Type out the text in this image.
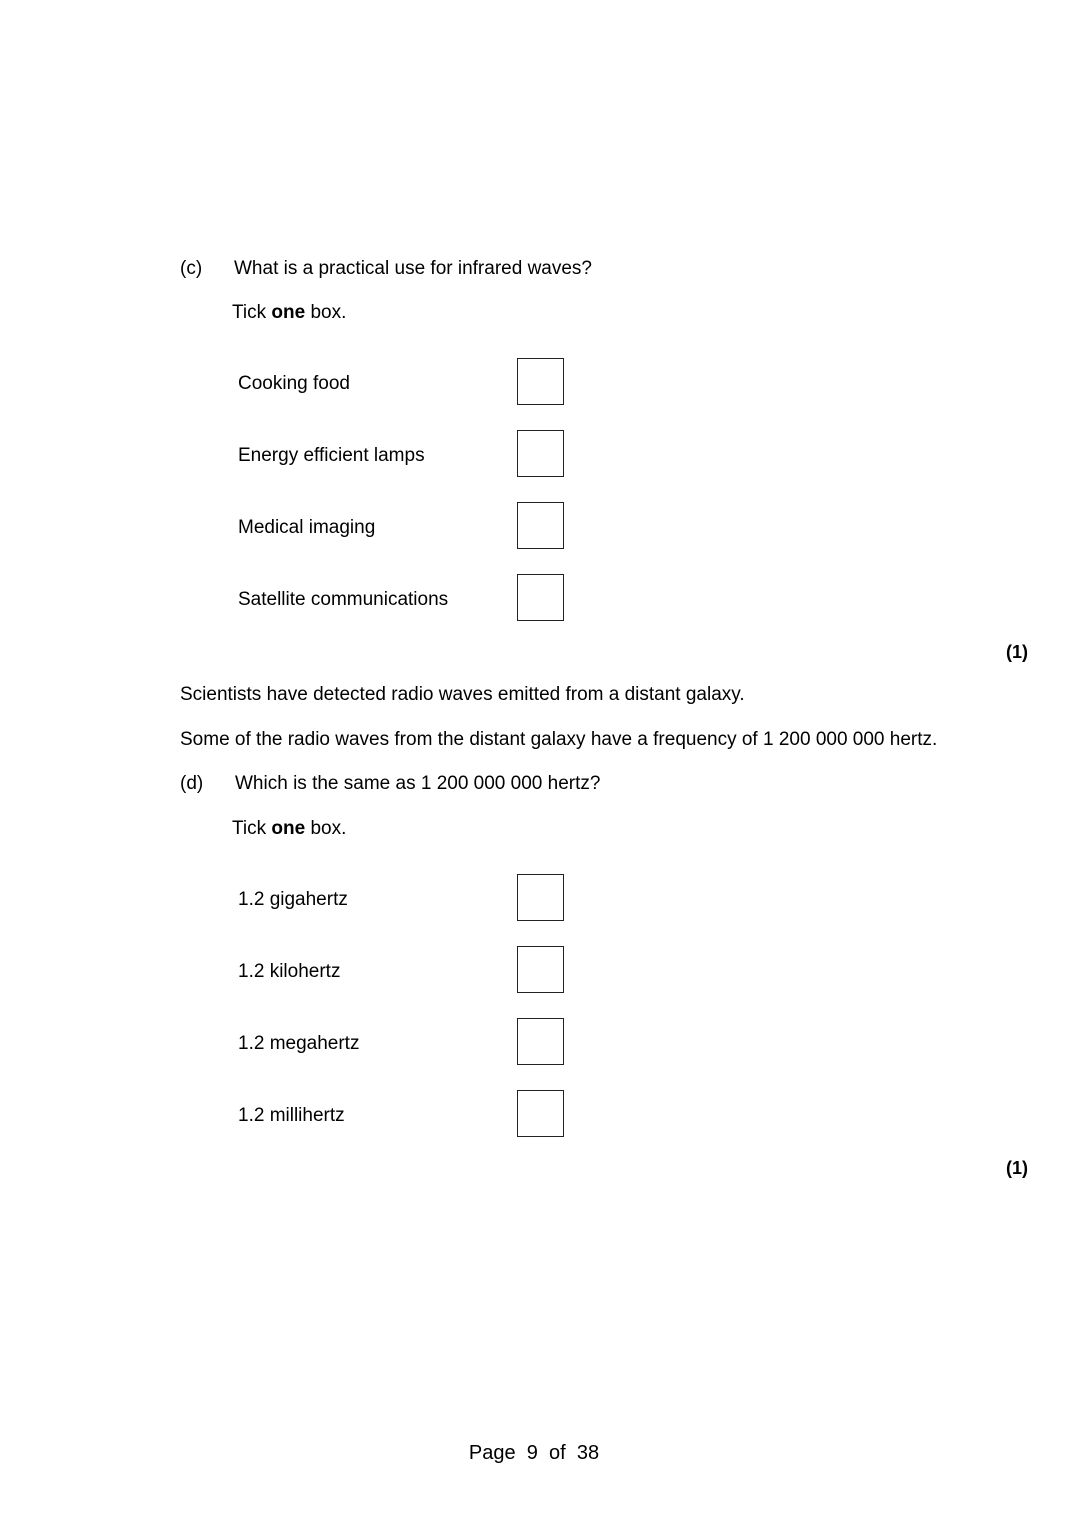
(c) What is a practical use for infrared waves?
Tick one box.
Cooking food
Energy efficient lamps
Medical imaging
Satellite communications
(1)
Scientists have detected radio waves emitted from a distant galaxy.
Some of the radio waves from the distant galaxy have a frequency of 1 200 000 000 hertz.
(d) Which is the same as 1 200 000 000 hertz?
Tick one box.
1.2 gigahertz
1.2 kilohertz
1.2 megahertz
1.2 millihertz
(1)
Page 9 of 38
